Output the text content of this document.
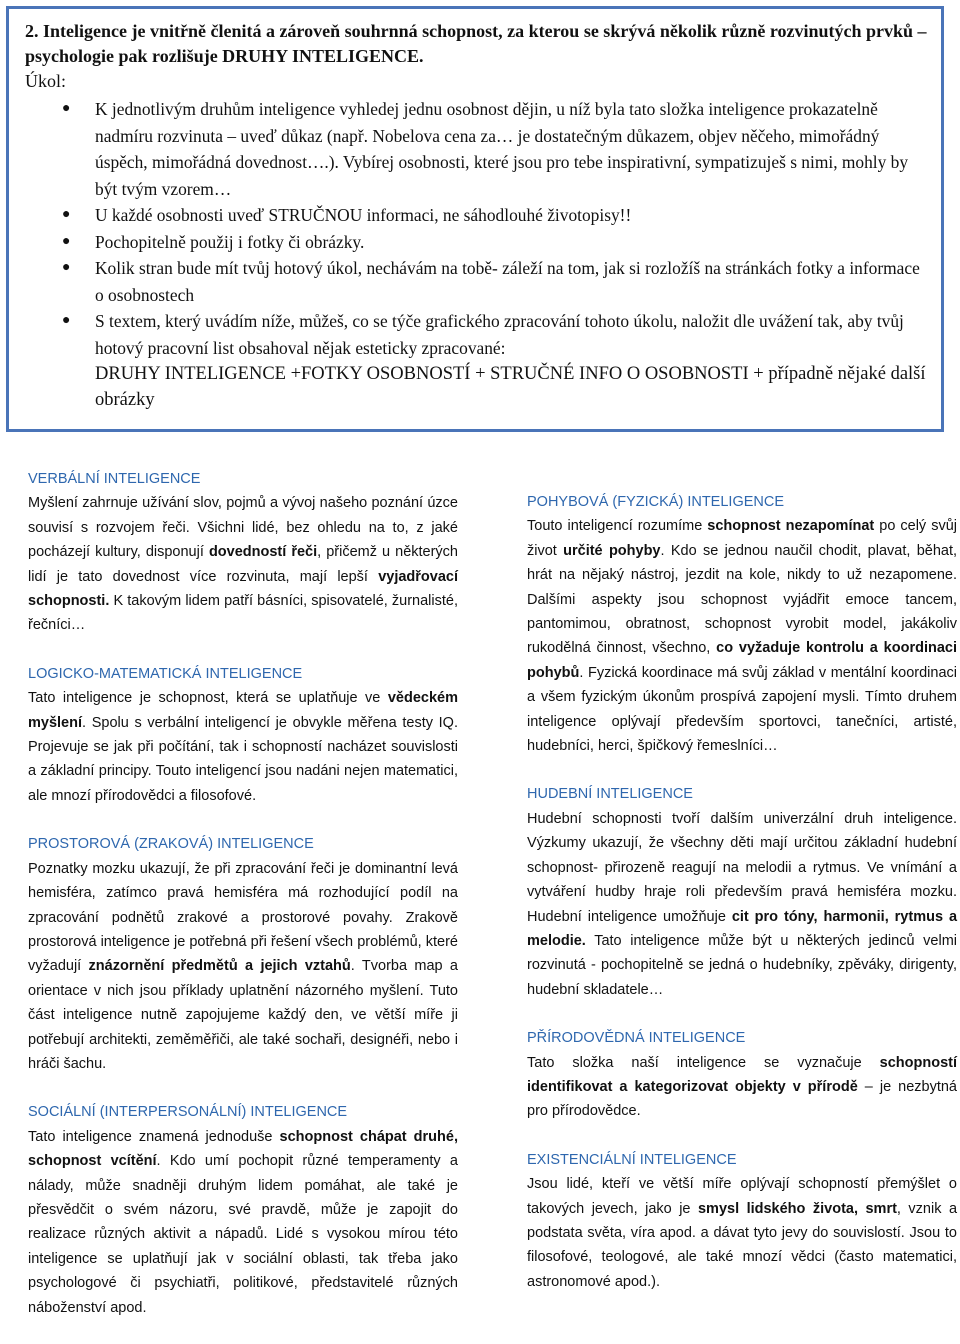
2. Inteligence je vnitřně členitá a zároveň souhrnná schopnost, za kterou se skrývá několik různě rozvinutých prvků – psychologie pak rozlišuje DRUHY INTELIGENCE.

Úkol:

● K jednotlivým druhům inteligence vyhledej jednu osobnost dějin, u níž byla tato složka inteligence prokazatelně nadmíru rozvinuta – uveď důkaz (např. Nobelova cena za… je dostatečným důkazem, objev něčeho, mimořádný úspěch, mimořádná dovednost….). Vybírej osobnosti, které jsou pro tebe inspirativní, sympatizuješ s nimi, mohly by být tvým vzorem…
● U každé osobnosti uveď STRUČNOU informaci, ne sáhodlouhé životopisy!!
● Pochopitelně použij i fotky či obrázky.
● Kolik stran bude mít tvůj hotový úkol, nechávám na tobě- záleží na tom, jak si rozložíš na stránkách fotky a informace o osobnostech
● S textem, který uvádím níže, můžeš, co se týče grafického zpracování tohoto úkolu, naložit dle uvážení tak, aby tvůj hotový pracovní list obsahoval nějak esteticky zpracované:
DRUHY INTELIGENCE +FOTKY OSOBNOSTÍ + STRUČNÉ INFO O OSOBNOSTI + případně nějaké další obrázky

VERBÁLNÍ INTELIGENCE

Myšlení zahrnuje užívání slov, pojmů a vývoj našeho poznání úzce souvisí s rozvojem řeči. Všichni lidé, bez ohledu na to, z jaké pocházejí kultury, disponují dovedností řeči, přičemž u některých lidí je tato dovednost více rozvinuta, mají lepší vyjadřovací schopnosti. K takovým lidem patří básníci, spisovatelé, žurnalisté, řečníci…

LOGICKO-MATEMATICKÁ INTELIGENCE

Tato inteligence je schopnost, která se uplatňuje ve vědeckém myšlení. Spolu s verbální inteligencí je obvykle měřena testy IQ. Projevuje se jak při počítání, tak i schopností nacházet souvislosti a základní principy. Touto inteligencí jsou nadáni nejen matematici, ale mnozí přírodovědci a filosofové.

PROSTOROVÁ (ZRAKOVÁ) INTELIGENCE

Poznatky mozku ukazují, že při zpracování řeči je dominantní levá hemisféra, zatímco pravá hemisféra má rozhodující podíl na zpracování podnětů zrakové a prostorové povahy. Zrakově prostorová inteligence je potřebná při řešení všech problémů, které vyžadují znázornění předmětů a jejich vztahů. Tvorba map a orientace v nich jsou příklady uplatnění názorného myšlení. Tuto část inteligence nutně zapojujeme každý den, ve větší míře ji potřebují architekti, zeměměřiči, ale také sochaři, designéři, nebo i hráči šachu.

SOCIÁLNÍ (INTERPERSONÁLNÍ) INTELIGENCE

Tato inteligence znamená jednoduše schopnost chápat druhé, schopnost vcítění. Kdo umí pochopit různé temperamenty a nálady, může snadněji druhým lidem pomáhat, ale také je přesvědčit o svém názoru, své pravdě, může je zapojit do realizace různých aktivit a nápadů. Lidé s vysokou mírou této inteligence se uplatňují jak v sociální oblasti, tak třeba jako psychologové či psychiatři, politikové, představitelé různých náboženství apod.

POHYBOVÁ (FYZICKÁ) INTELIGENCE

Touto inteligencí rozumíme schopnost nezapomínat po celý svůj život určité pohyby. Kdo se jednou naučil chodit, plavat, běhat, hrát na nějaký nástroj, jezdit na kole, nikdy to už nezapomene. Dalšími aspekty jsou schopnost vyjádřit emoce tancem, pantomimou, obratnost, schopnost vyrobit model, jakákoliv rukodělná činnost, všechno, co vyžaduje kontrolu a koordinaci pohybů. Fyzická koordinace má svůj základ v mentální koordinaci a všem fyzickým úkonům prospívá zapojení mysli. Tímto druhem inteligence oplývají především sportovci, tanečníci, artisté, hudebníci, herci, špičkový řemeslníci…

HUDEBNÍ INTELIGENCE

Hudební schopnosti tvoří dalším univerzální druh inteligence. Výzkumy ukazují, že všechny děti mají určitou základní hudební schopnost- přirozeně reagují na melodii a rytmus. Ve vnímání a vytváření hudby hraje roli především pravá hemisféra mozku. Hudební inteligence umožňuje cit pro tóny, harmonii, rytmus a melodie. Tato inteligence může být u některých jedinců velmi rozvinutá - pochopitelně se jedná o hudebníky, zpěváky, dirigenty, hudební skladatele…

PŘÍRODOVĚDNÁ INTELIGENCE

Tato složka naší inteligence se vyznačuje schopností identifikovat a kategorizovat objekty v přírodě – je nezbytná pro přírodovědce.

EXISTENCIÁLNÍ INTELIGENCE

Jsou lidé, kteří ve větší míře oplývají schopností přemýšlet o takových jevech, jako je smysl lidského života, smrt, vznik a podstata světa, víra apod. a dávat tyto jevy do souvislostí. Jsou to filosofové, teologové, ale také mnozí vědci (často matematici, astronomové apod.).
